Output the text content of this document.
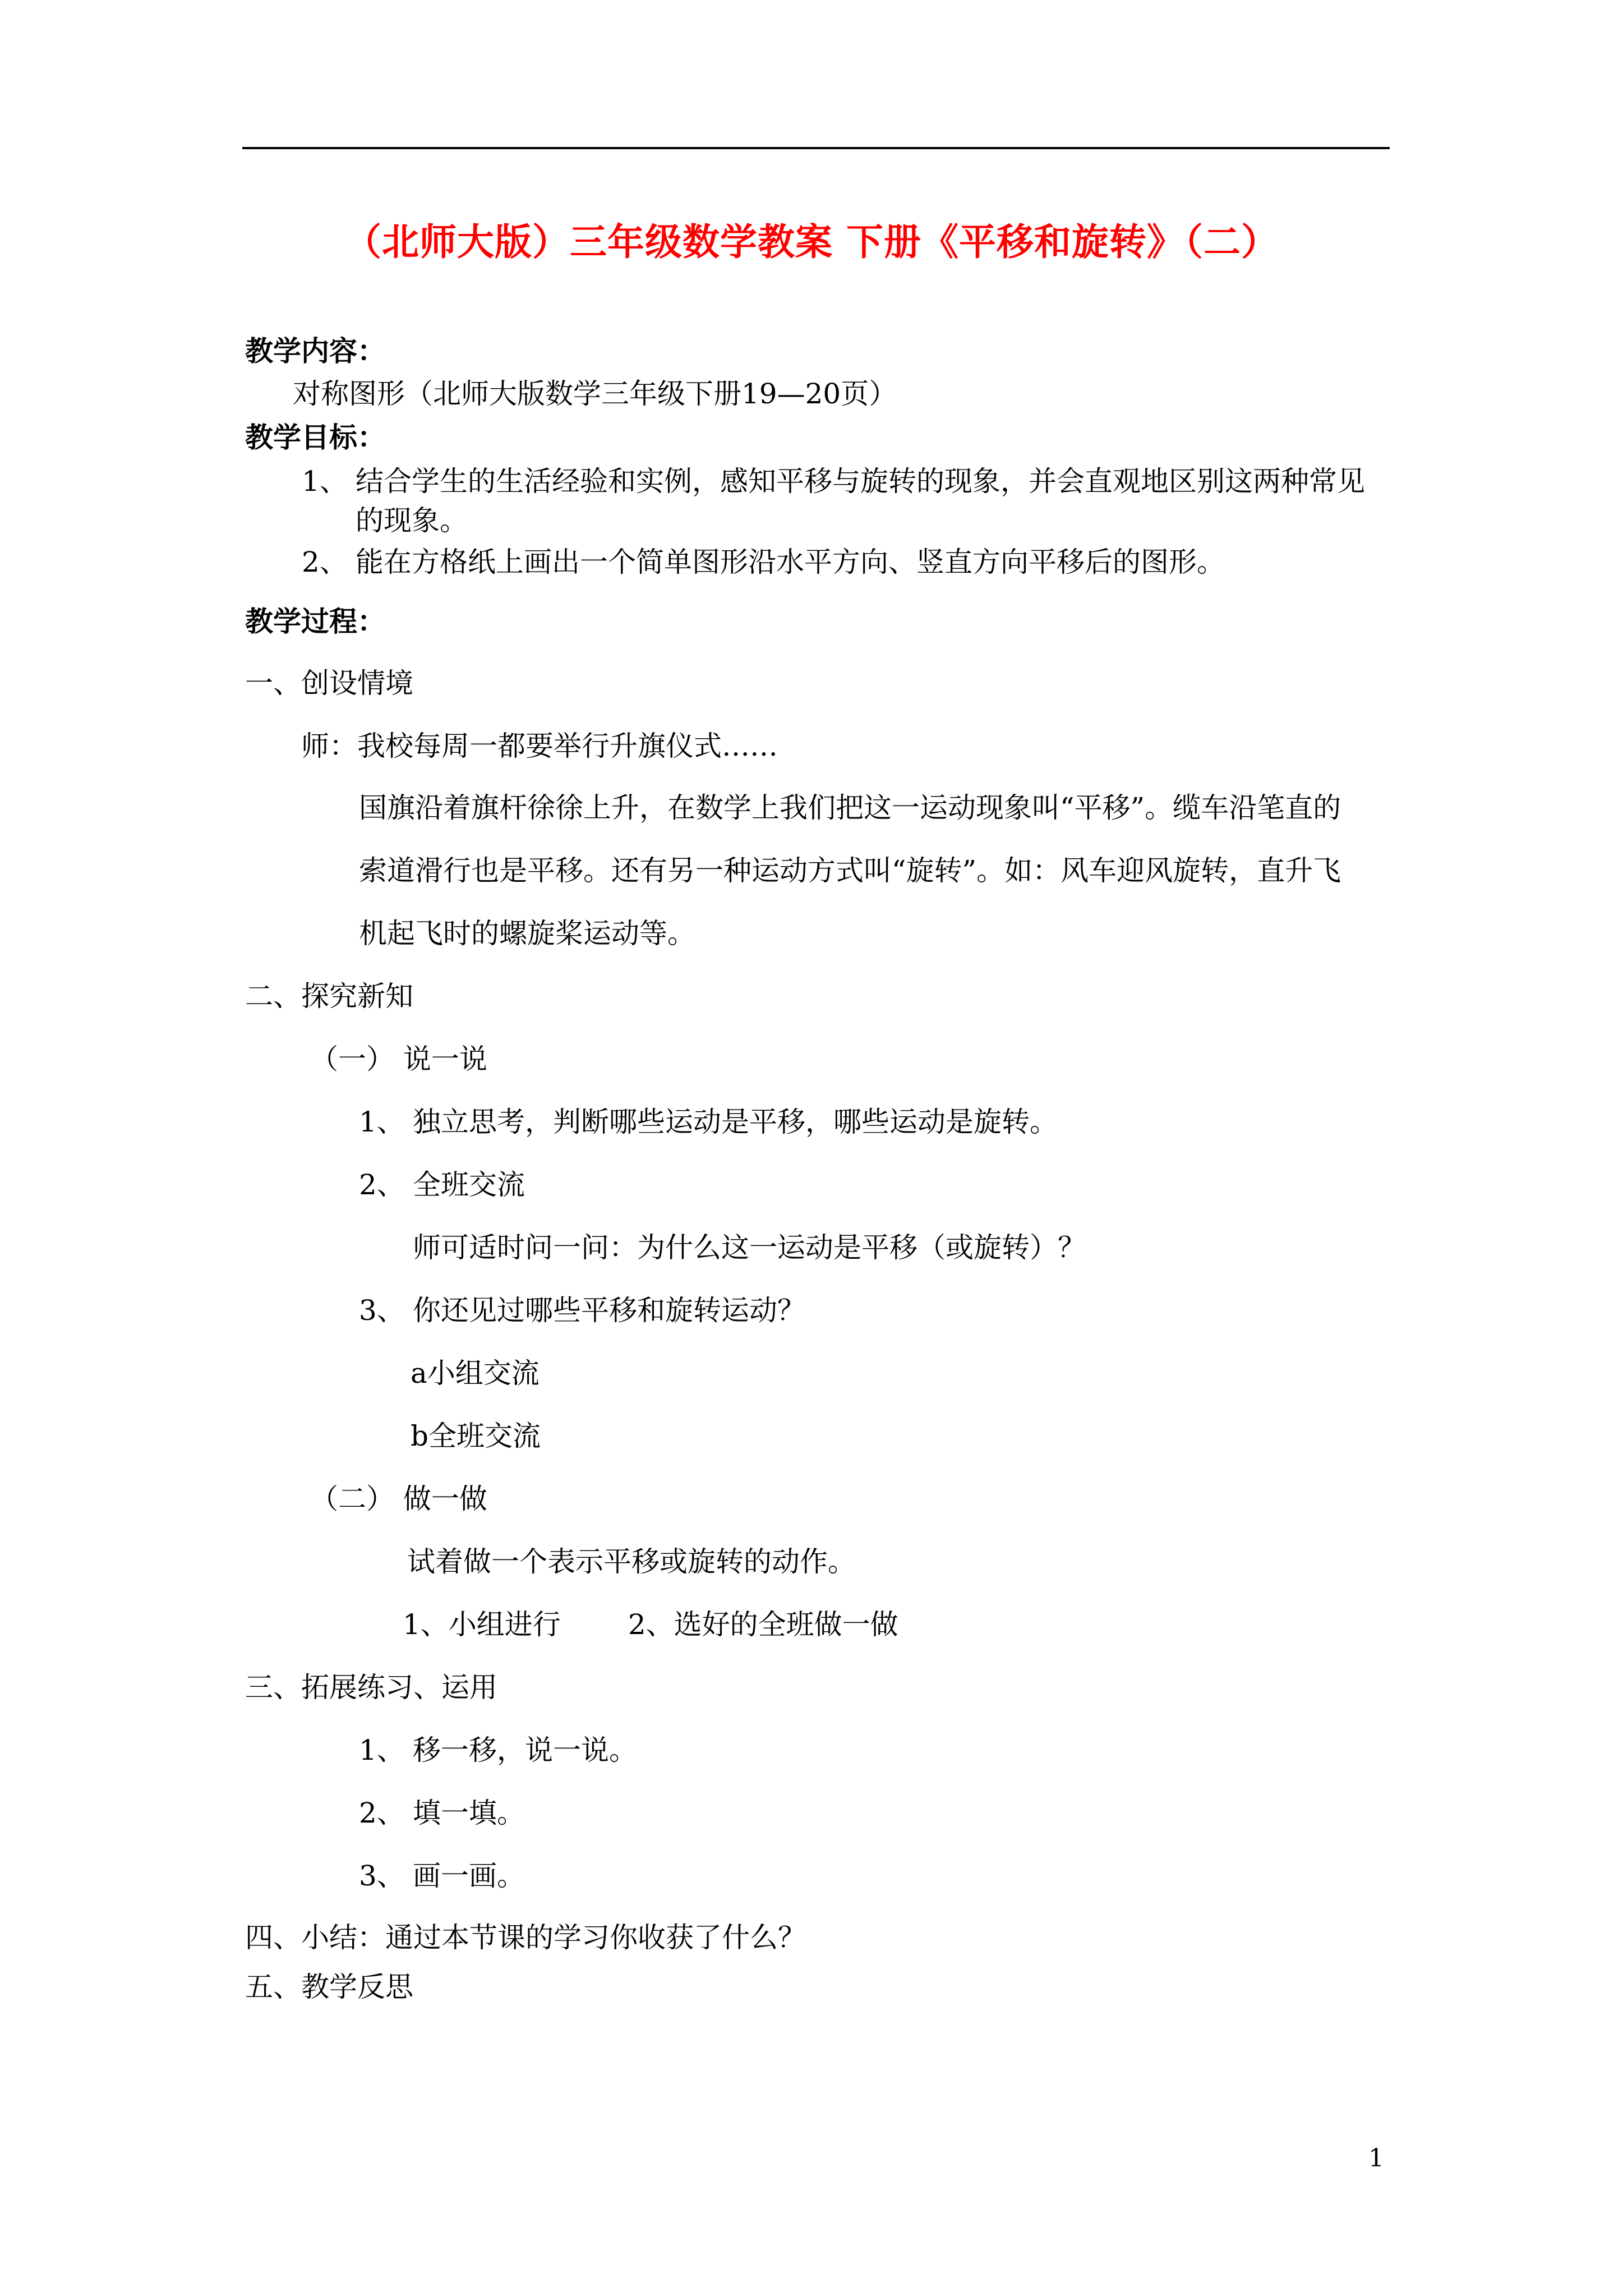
（北师大版）三年级数学教案 下册《平移和旋转》（二）
教学内容：
对称图形（北师大版数学三年级下册19—20页）
教学目标：
1、 结合学生的生活经验和实例，感知平移与旋转的现象，并会直观地区别这两种常见
的现象。
2、 能在方格纸上画出一个简单图形沿水平方向、竖直方向平移后的图形。
教学过程：
一、创设情境
师：我校每周一都要举行升旗仪式……
国旗沿着旗杆徐徐上升，在数学上我们把这一运动现象叫“平移”。缆车沿笔直的
索道滑行也是平移。还有另一种运动方式叫“旋转”。如：风车迎风旋转，直升飞
机起飞时的螺旋桨运动等。
二、探究新知
（一） 说一说
1、 独立思考，判断哪些运动是平移，哪些运动是旋转。
2、 全班交流
师可适时问一问：为什么这一运动是平移（或旋转）？
3、 你还见过哪些平移和旋转运动？
a小组交流
b全班交流
（二） 做一做
试着做一个表示平移或旋转的动作。
1、小组进行 2、选好的全班做一做
三、拓展练习、运用
1、 移一移，说一说。
2、 填一填。
3、 画一画。
四、小结：通过本节课的学习你收获了什么？
五、教学反思
1
